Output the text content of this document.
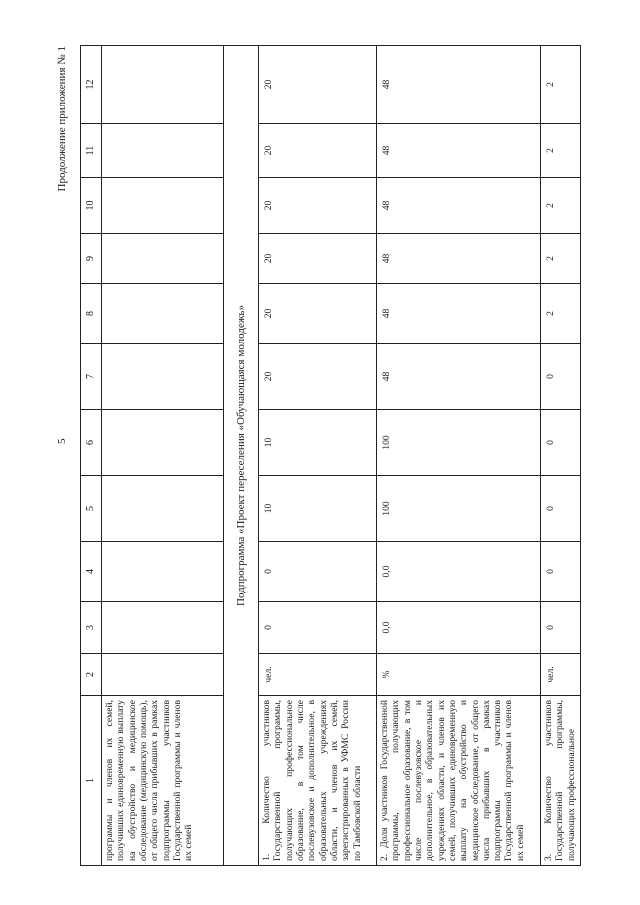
5
Продолжение приложения № 1
1	2	3	4	5	6	7	8	9	10	11	12
программы и членов их семей, получивших единовременную выплату на обустройство и медицинское обследование (медицинскую помощь), от общего числа прибывших в рамках подпрограммы участников Государственной программы и членов их семей											
Подпрограмма «Проект переселения «Обучающаяся молодежь»											
1. Количество участников Государственной программы, получающих профессиональное образование, в том числе послевузовское и дополнительное, в образовательных учреждениях области, и членов их семей, зарегистрированных в УФМС России по Тамбовской области	чел.	0	0	10	10	20	20	20	20	20	20
2. Доля участников Государственной программы, получающих профессиональное образование, в том числе послевузовское и дополнительное, в образовательных учреждениях области, и членов их семей, получивших единовременную выплату на обустройство и медицинское обследование, от общего числа прибывших в рамках подпрограммы участников Государственной программы и членов их семей	%	0,0	0,0	100	100	48	48	48	48	48	48
3. Количество участников Государственной программы, получающих профессиональное	чел.	0	0	0	0	0	2	2	2	2	2
